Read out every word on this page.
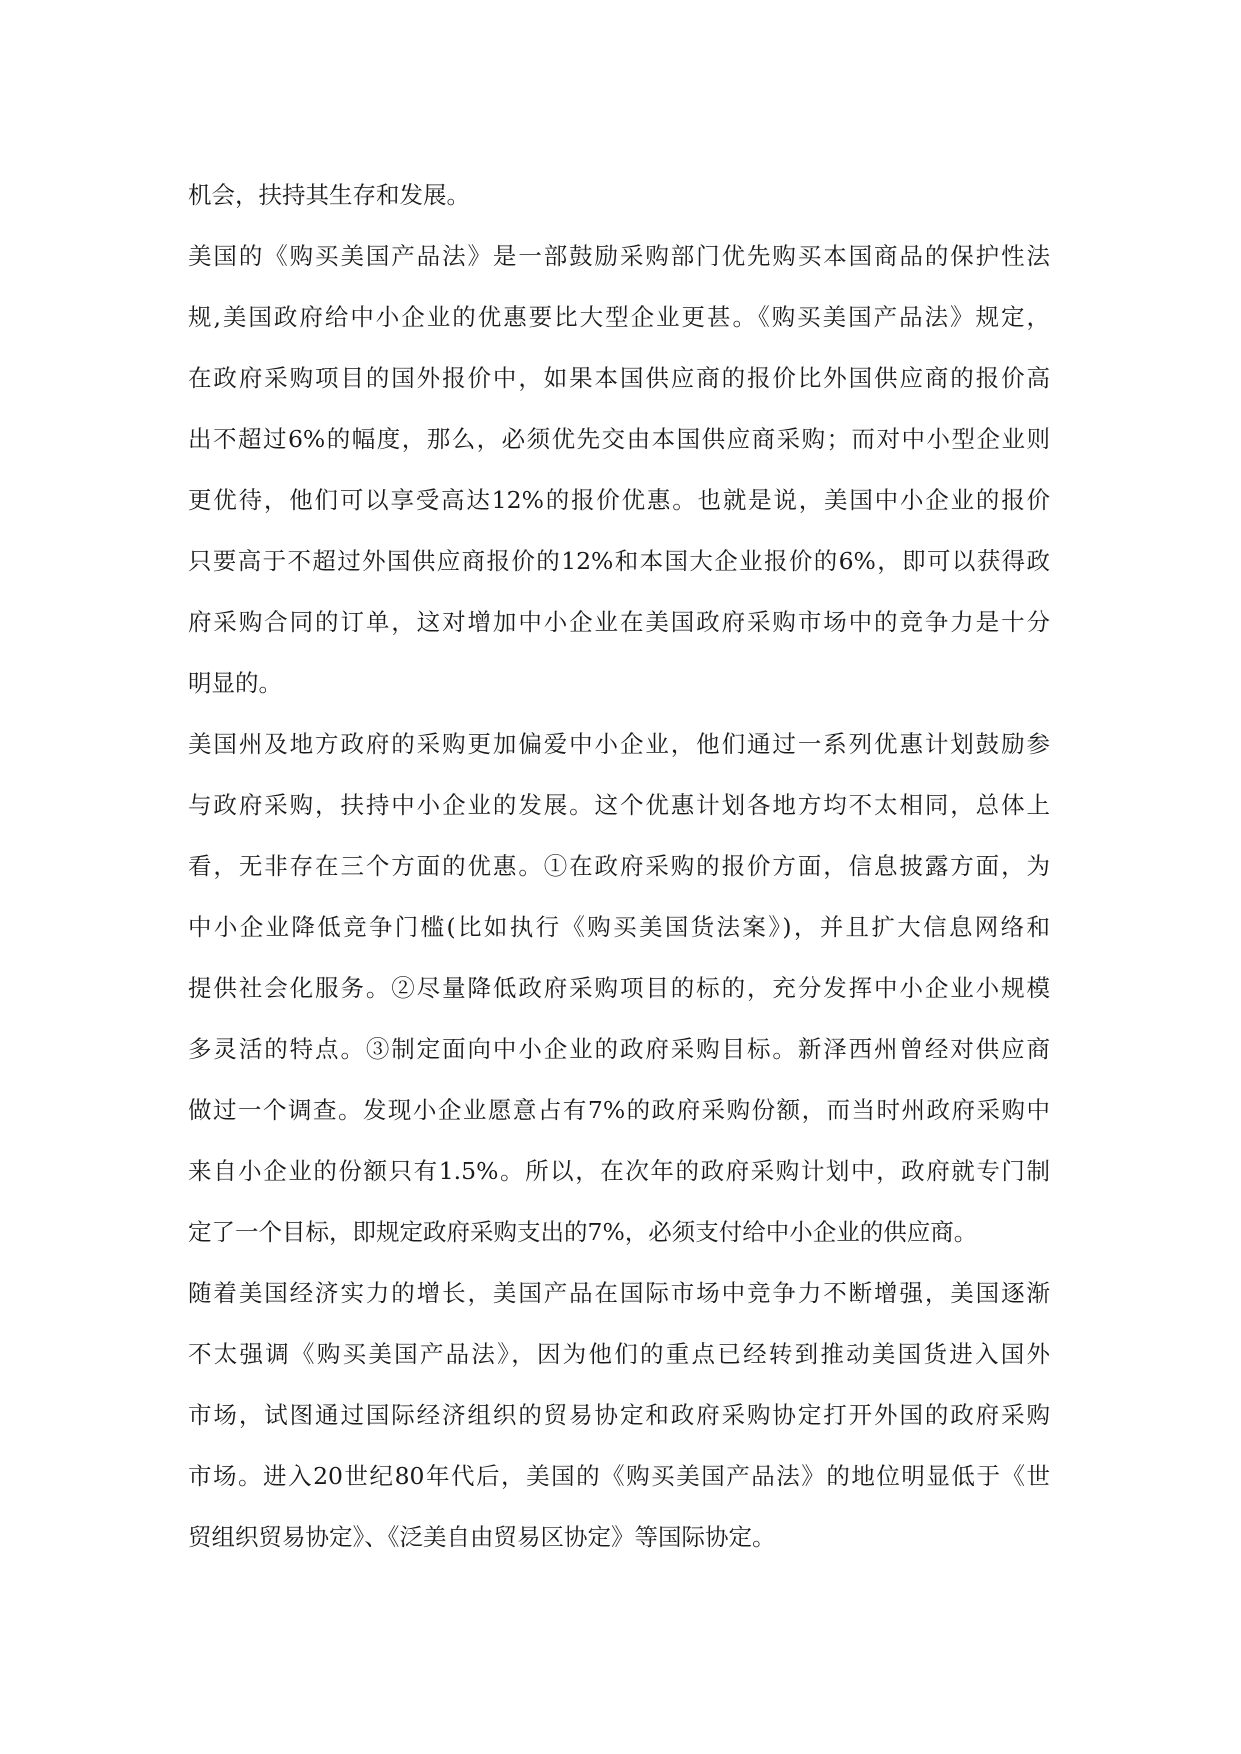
机会，扶持其生存和发展。
美国的《购买美国产品法》是一部鼓励采购部门优先购买本国商品的保护性法
规,美国政府给中小企业的优惠要比大型企业更甚。《购买美国产品法》规定，
在政府采购项目的国外报价中，如果本国供应商的报价比外国供应商的报价高
出不超过6%的幅度，那么，必须优先交由本国供应商采购；而对中小型企业则
更优待，他们可以享受高达12%的报价优惠。也就是说，美国中小企业的报价
只要高于不超过外国供应商报价的12%和本国大企业报价的6%，即可以获得政
府采购合同的订单，这对增加中小企业在美国政府采购市场中的竞争力是十分
明显的。
美国州及地方政府的采购更加偏爱中小企业，他们通过一系列优惠计划鼓励参
与政府采购，扶持中小企业的发展。这个优惠计划各地方均不太相同，总体上
看，无非存在三个方面的优惠。①在政府采购的报价方面，信息披露方面，为
中小企业降低竞争门槛(比如执行《购买美国货法案》)，并且扩大信息网络和
提供社会化服务。②尽量降低政府采购项目的标的，充分发挥中小企业小规模
多灵活的特点。③制定面向中小企业的政府采购目标。新泽西州曾经对供应商
做过一个调查。发现小企业愿意占有7%的政府采购份额，而当时州政府采购中
来自小企业的份额只有1.5%。所以，在次年的政府采购计划中，政府就专门制
定了一个目标，即规定政府采购支出的7%，必须支付给中小企业的供应商。
随着美国经济实力的增长，美国产品在国际市场中竞争力不断增强，美国逐渐
不太强调《购买美国产品法》，因为他们的重点已经转到推动美国货进入国外
市场，试图通过国际经济组织的贸易协定和政府采购协定打开外国的政府采购
市场。进入20世纪80年代后，美国的《购买美国产品法》的地位明显低于《世
贸组织贸易协定》、《泛美自由贸易区协定》等国际协定。
